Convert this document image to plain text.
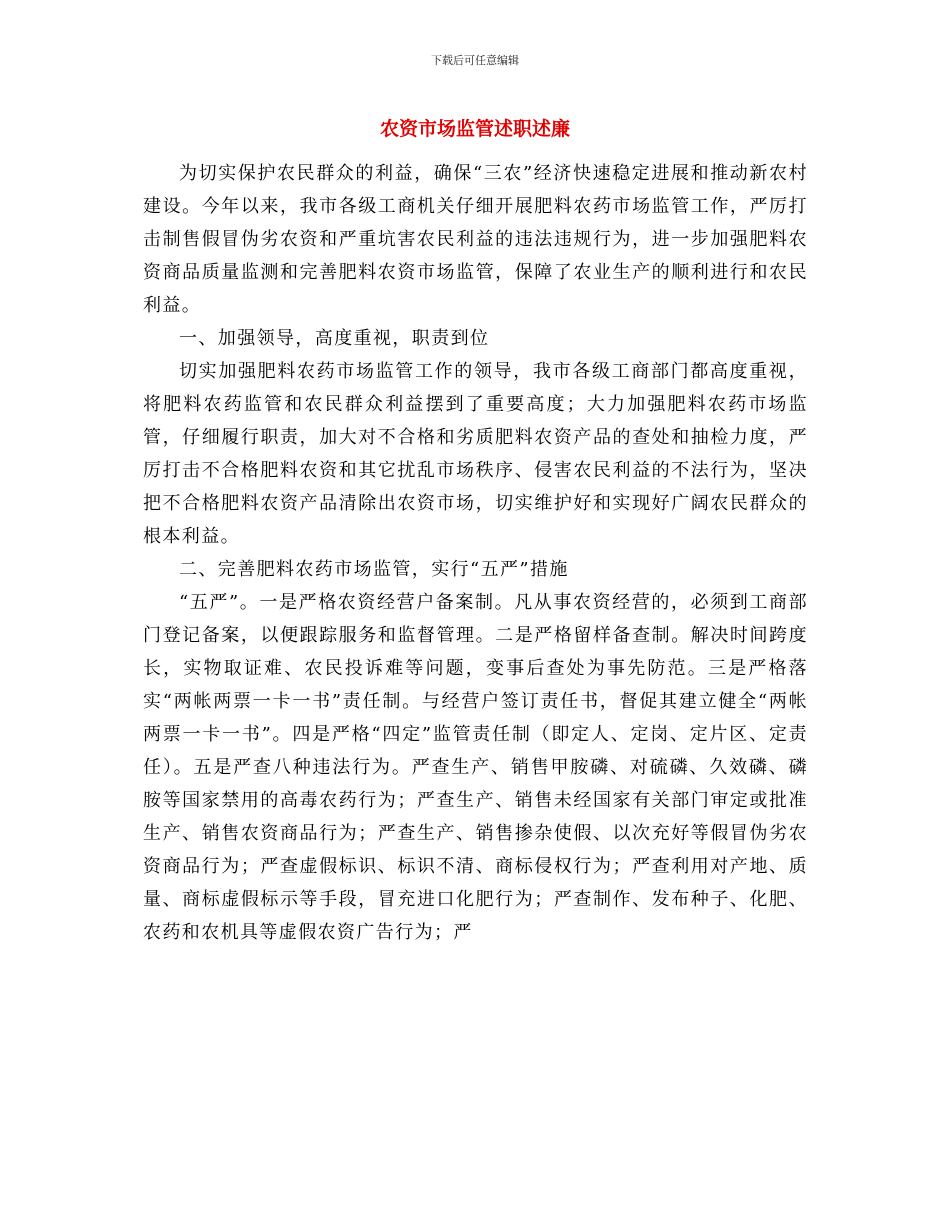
下载后可任意编辑
农资市场监管述职述廉

为切实保护农民群众的利益，确保“三农”经济快速稳定进展和推动新农村建设。今年以来，我市各级工商机关仔细开展肥料农药市场监管工作，严厉打击制售假冒伪劣农资和严重坑害农民利益的违法违规行为，进一步加强肥料农资商品质量监测和完善肥料农资市场监管，保障了农业生产的顺利进行和农民利益。

一、加强领导，高度重视，职责到位

切实加强肥料农药市场监管工作的领导，我市各级工商部门都高度重视，将肥料农药监管和农民群众利益摆到了重要高度；大力加强肥料农药市场监管，仔细履行职责，加大对不合格和劣质肥料农资产品的查处和抽检力度，严厉打击不合格肥料农资和其它扰乱市场秩序、侵害农民利益的不法行为，坚决把不合格肥料农资产品清除出农资市场，切实维护好和实现好广阔农民群众的根本利益。

二、完善肥料农药市场监管，实行“五严”措施

“五严”。一是严格农资经营户备案制。凡从事农资经营的，必须到工商部门登记备案，以便跟踪服务和监督管理。二是严格留样备查制。解决时间跨度长，实物取证难、农民投诉难等问题，变事后查处为事先防范。三是严格落实“两帐两票一卡一书”责任制。与经营户签订责任书，督促其建立健全“两帐两票一卡一书”。四是严格“四定”监管责任制（即定人、定岗、定片区、定责任）。五是严查八种违法行为。严查生产、销售甲胺磷、对硫磷、久效磷、磷胺等国家禁用的高毒农药行为；严查生产、销售未经国家有关部门审定或批准生产、销售农资商品行为；严查生产、销售掺杂使假、以次充好等假冒伪劣农资商品行为；严查虚假标识、标识不清、商标侵权行为；严查利用对产地、质量、商标虚假标示等手段，冒充进口化肥行为；严查制作、发布种子、化肥、农药和农机具等虚假农资广告行为；严
